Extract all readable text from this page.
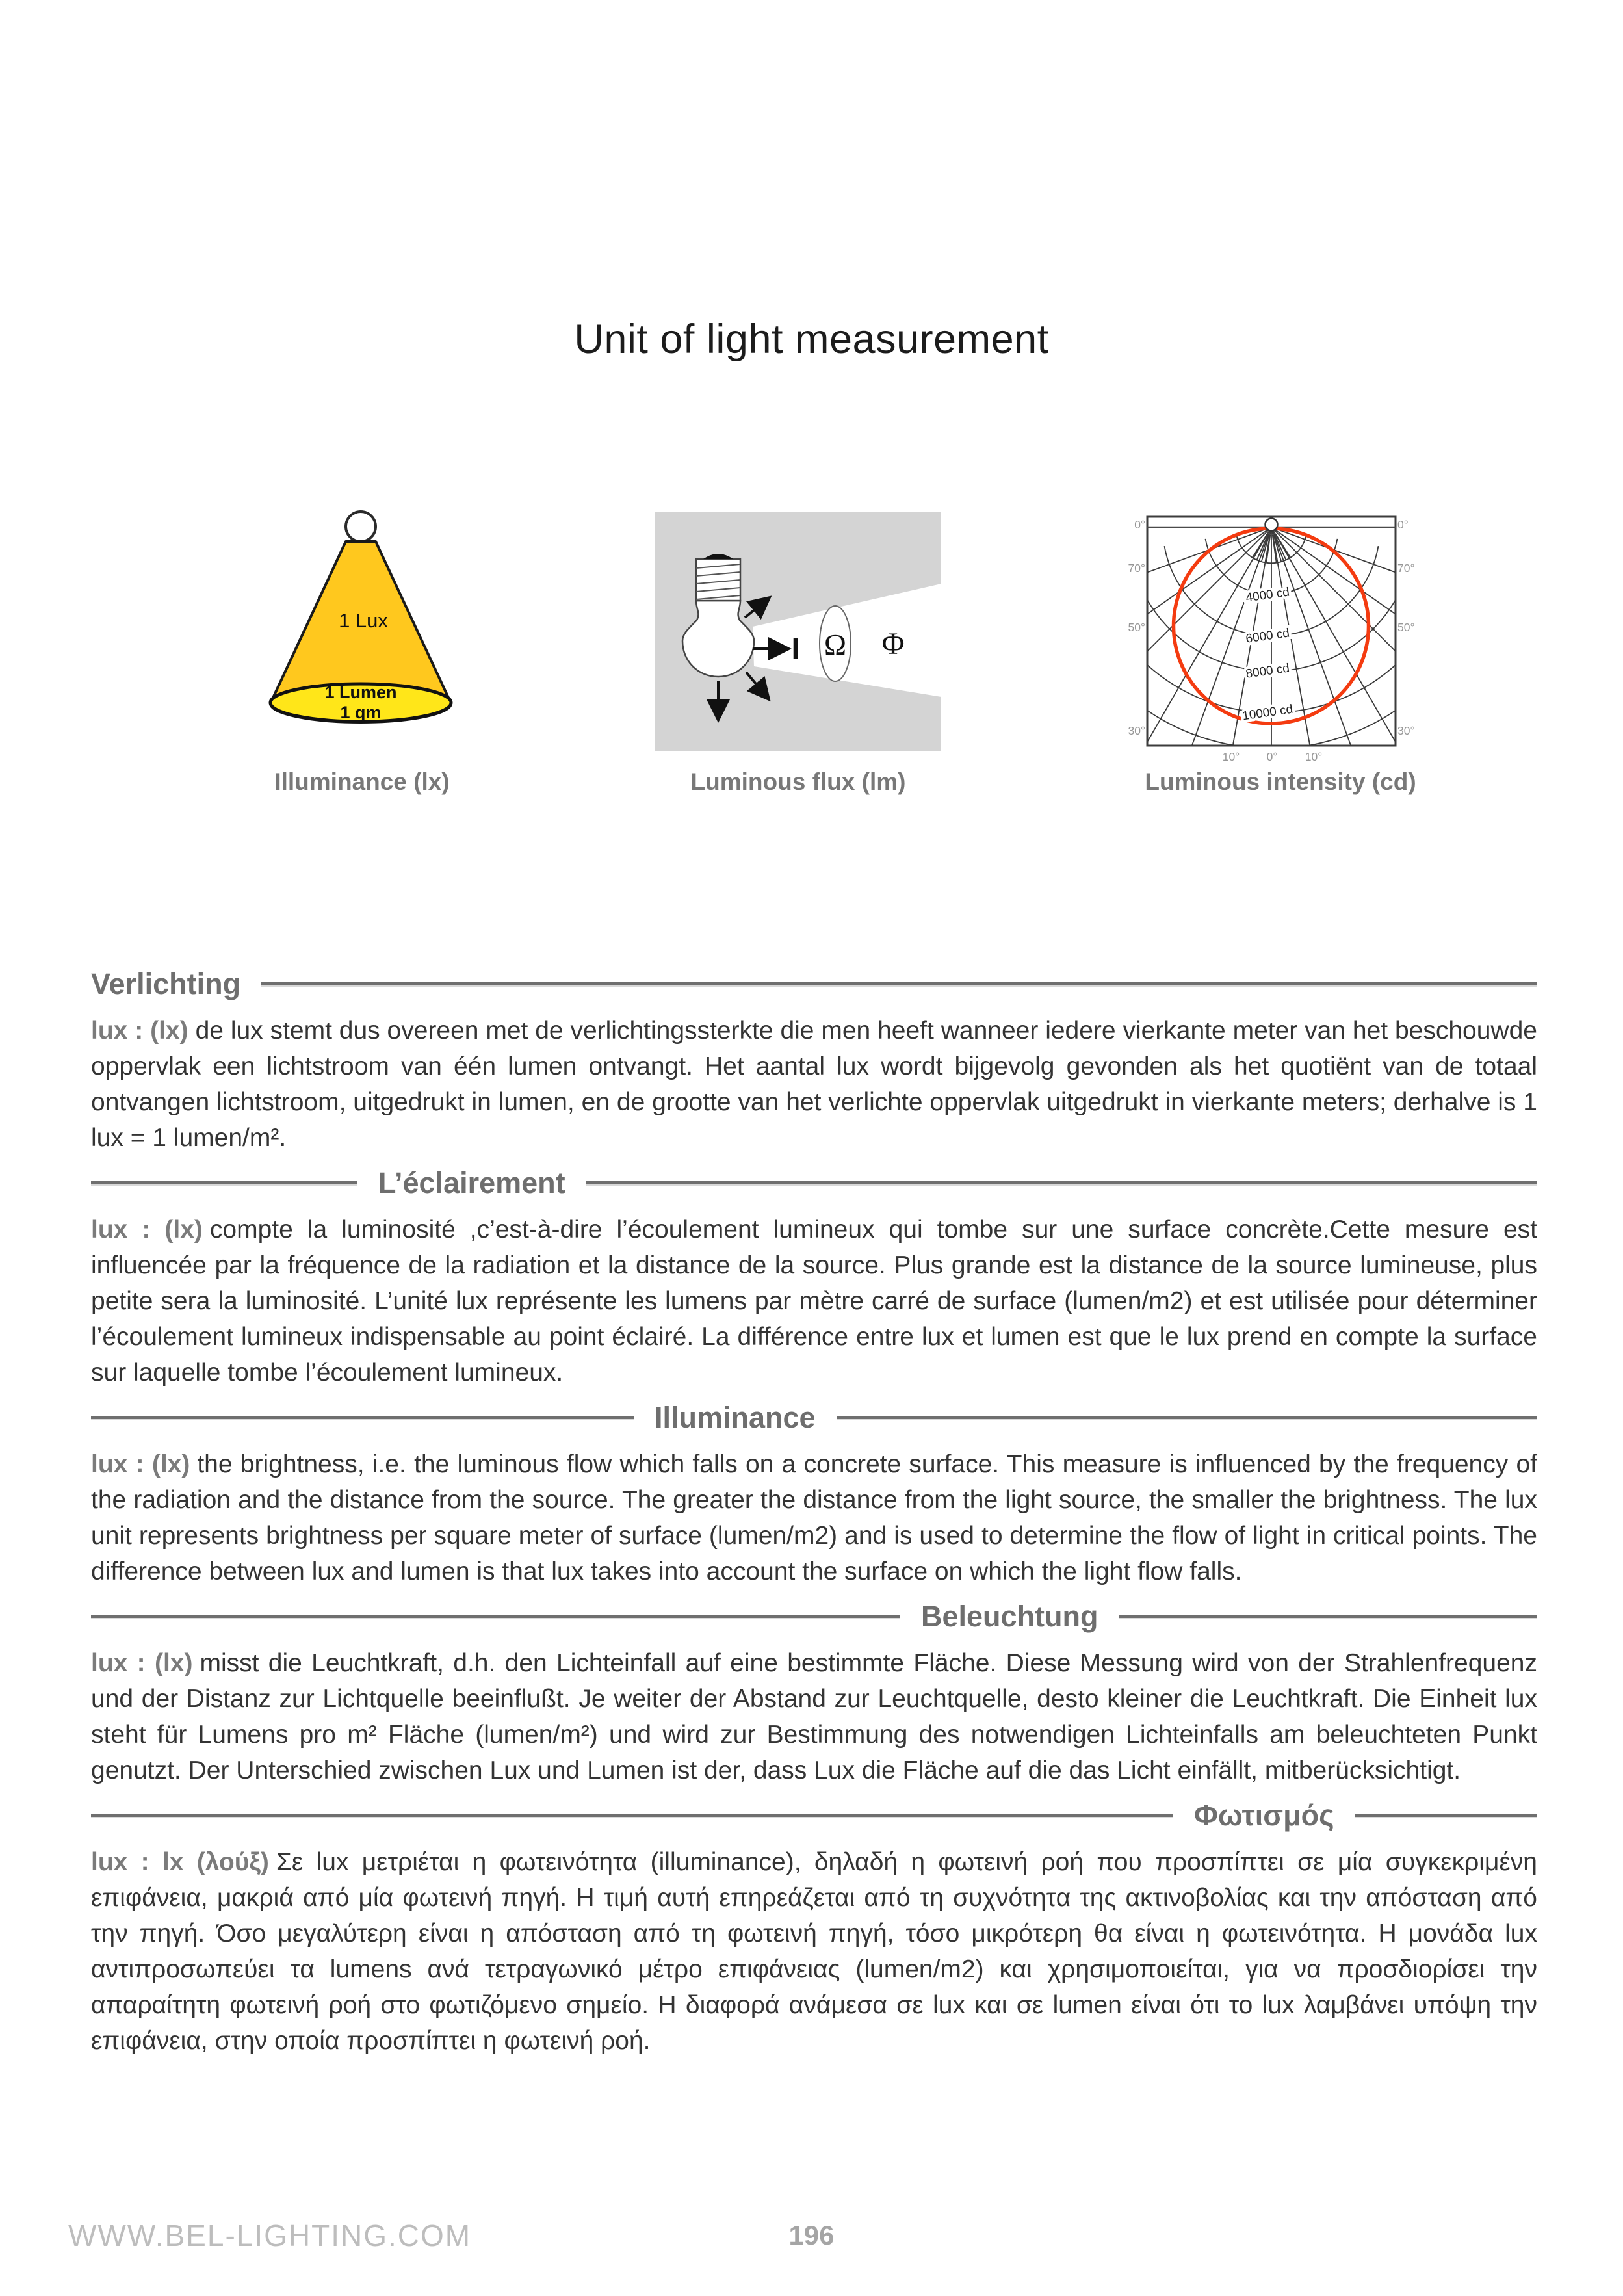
Unit of light measurement
1 Lux
1 Lumen
1 qm
Illuminance (lx)
I Ω Φ
Luminous flux (lm)
4000 cd
6000 cd
8000 cd
10000 cd
0°
70°
50°
30°
0°
70°
50°
30°
10° 0° 10°
Luminous intensity (cd)
Verlichting

lux : (lx) de lux stemt dus overeen met de verlichtingssterkte die men heeft wanneer iedere vierkante meter van het beschouwde oppervlak een lichtstroom van één lumen ontvangt. Het aantal lux wordt bijgevolg gevonden als het quotiënt van de totaal ontvangen lichtstroom, uitgedrukt in lumen, en de grootte van het verlichte oppervlak uitgedrukt in vierkante meters; derhalve is 1 lux = 1 lumen/m².

L’éclairement

lux : (lx) compte la luminosité ,c’est-à-dire l’écoulement lumineux qui tombe sur une surface concrète.Cette mesure est influencée par la fréquence de la radiation et la distance de la source. Plus grande est la distance de la source lumineuse, plus petite sera la luminosité. L’unité lux représente les lumens par mètre carré de surface (lumen/m2) et est utilisée pour déterminer l’écoulement lumineux indispensable au point éclairé. La différence entre lux et lumen est que le lux prend en compte la surface sur laquelle tombe l’écoulement lumineux.

Illuminance

lux : (lx) the brightness, i.e. the luminous flow which falls on a concrete surface. This measure is influenced by the frequency of the radiation and the distance from the source. The greater the distance from the light source, the smaller the brightness. The lux unit represents brightness per square meter of surface (lumen/m2) and is used to determine the flow of light in critical points. The difference between lux and lumen is that lux takes into account the surface on which the light flow falls.

Beleuchtung

lux : (lx) misst die Leuchtkraft, d.h. den Lichteinfall auf eine bestimmte Fläche. Diese Messung wird von der Strahlenfrequenz und der Distanz zur Lichtquelle beeinflußt. Je weiter der Abstand zur Leuchtquelle, desto kleiner die Leuchtkraft. Die Einheit lux steht für Lumens pro m² Fläche (lumen/m²) und wird zur Bestimmung des notwendigen Lichteinfalls am beleuchteten Punkt genutzt. Der Unterschied zwischen Lux und Lumen ist der, dass Lux die Fläche auf die das Licht einfällt, mitberücksichtigt.

Φωτισμός

lux : lx (λούξ) Σε lux μετριέται η φωτεινότητα (illuminance), δηλαδή η φωτεινή ροή που προσπίπτει σε μία συγκεκριμένη επιφάνεια, μακριά από μία φωτεινή πηγή. Η τιμή αυτή επηρεάζεται από τη συχνότητα της ακτινοβολίας και την απόσταση από την πηγή. Όσο μεγαλύτερη είναι η απόσταση από τη φωτεινή πηγή, τόσο μικρότερη θα είναι η φωτεινότητα. Η μονάδα lux αντιπροσωπεύει τα lumens ανά τετραγωνικό μέτρο επιφάνειας (lumen/m2) και χρησιμοποιείται, για να προσδιορίσει την απαραίτητη φωτεινή ροή στο φωτιζόμενο σημείο. Η διαφορά ανάμεσα σε lux και σε lumen είναι ότι το lux λαμβάνει υπόψη την επιφάνεια, στην οποία προσπίπτει η φωτεινή ροή.

WWW.BEL-LIGHTING.COM	196
